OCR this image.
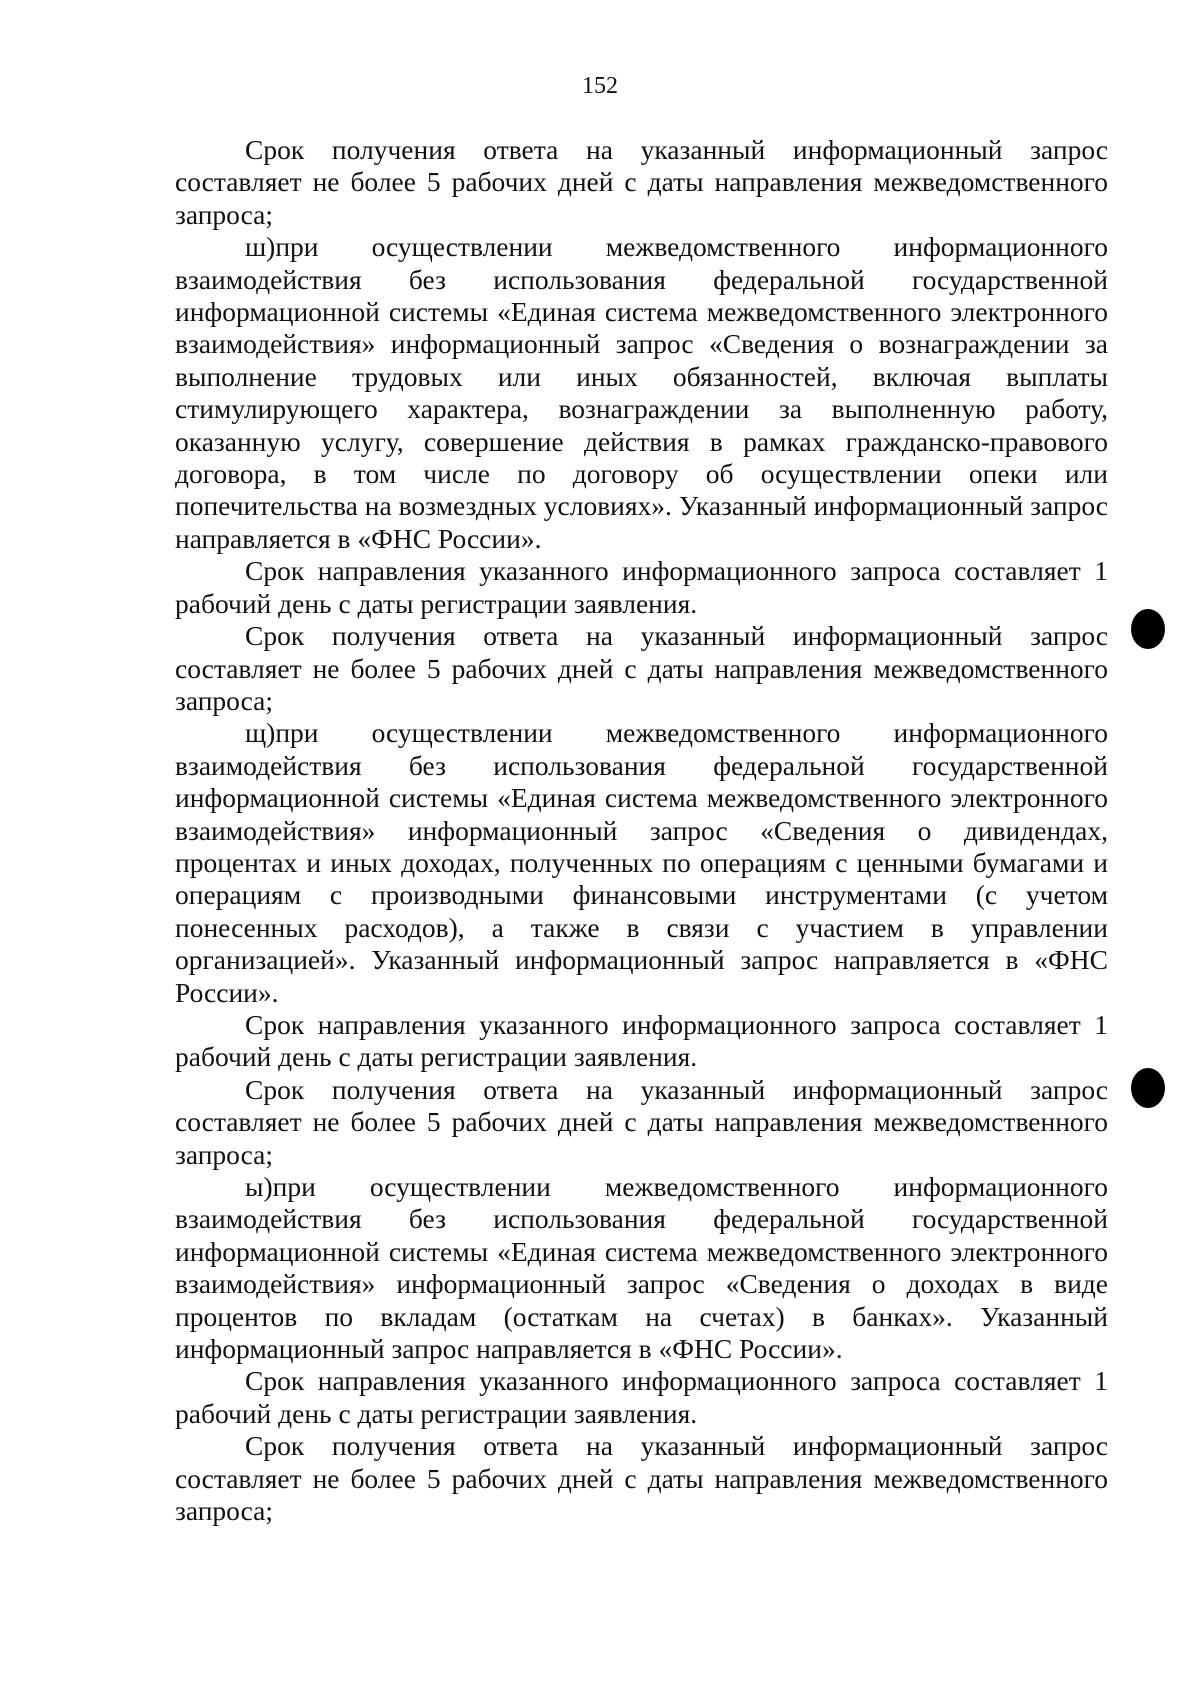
152

Срок получения ответа на указанный информационный запрос составляет не более 5 рабочих дней с даты направления межведомственного запроса;

ш)при осуществлении межведомственного информационного взаимодействия без использования федеральной государственной информационной системы «Единая система межведомственного электронного взаимодействия» информационный запрос «Сведения о вознаграждении за выполнение трудовых или иных обязанностей, включая выплаты стимулирующего характера, вознаграждении за выполненную работу, оказанную услугу, совершение действия в рамках гражданско-правового договора, в том числе по договору об осуществлении опеки или попечительства на возмездных условиях». Указанный информационный запрос направляется в «ФНС России».

Срок направления указанного информационного запроса составляет 1 рабочий день с даты регистрации заявления.

Срок получения ответа на указанный информационный запрос составляет не более 5 рабочих дней с даты направления межведомственного запроса;

щ)при осуществлении межведомственного информационного взаимодействия без использования федеральной государственной информационной системы «Единая система межведомственного электронного взаимодействия» информационный запрос «Сведения о дивидендах, процентах и иных доходах, полученных по операциям с ценными бумагами и операциям с производными финансовыми инструментами (с учетом понесенных расходов), а также в связи с участием в управлении организацией». Указанный информационный запрос направляется в «ФНС России».

Срок направления указанного информационного запроса составляет 1 рабочий день с даты регистрации заявления.

Срок получения ответа на указанный информационный запрос составляет не более 5 рабочих дней с даты направления межведомственного запроса;

ы)при осуществлении межведомственного информационного взаимодействия без использования федеральной государственной информационной системы «Единая система межведомственного электронного взаимодействия» информационный запрос «Сведения о доходах в виде процентов по вкладам (остаткам на счетах) в банках». Указанный информационный запрос направляется в «ФНС России».

Срок направления указанного информационного запроса составляет 1 рабочий день с даты регистрации заявления.

Срок получения ответа на указанный информационный запрос составляет не более 5 рабочих дней с даты направления межведомственного запроса;
